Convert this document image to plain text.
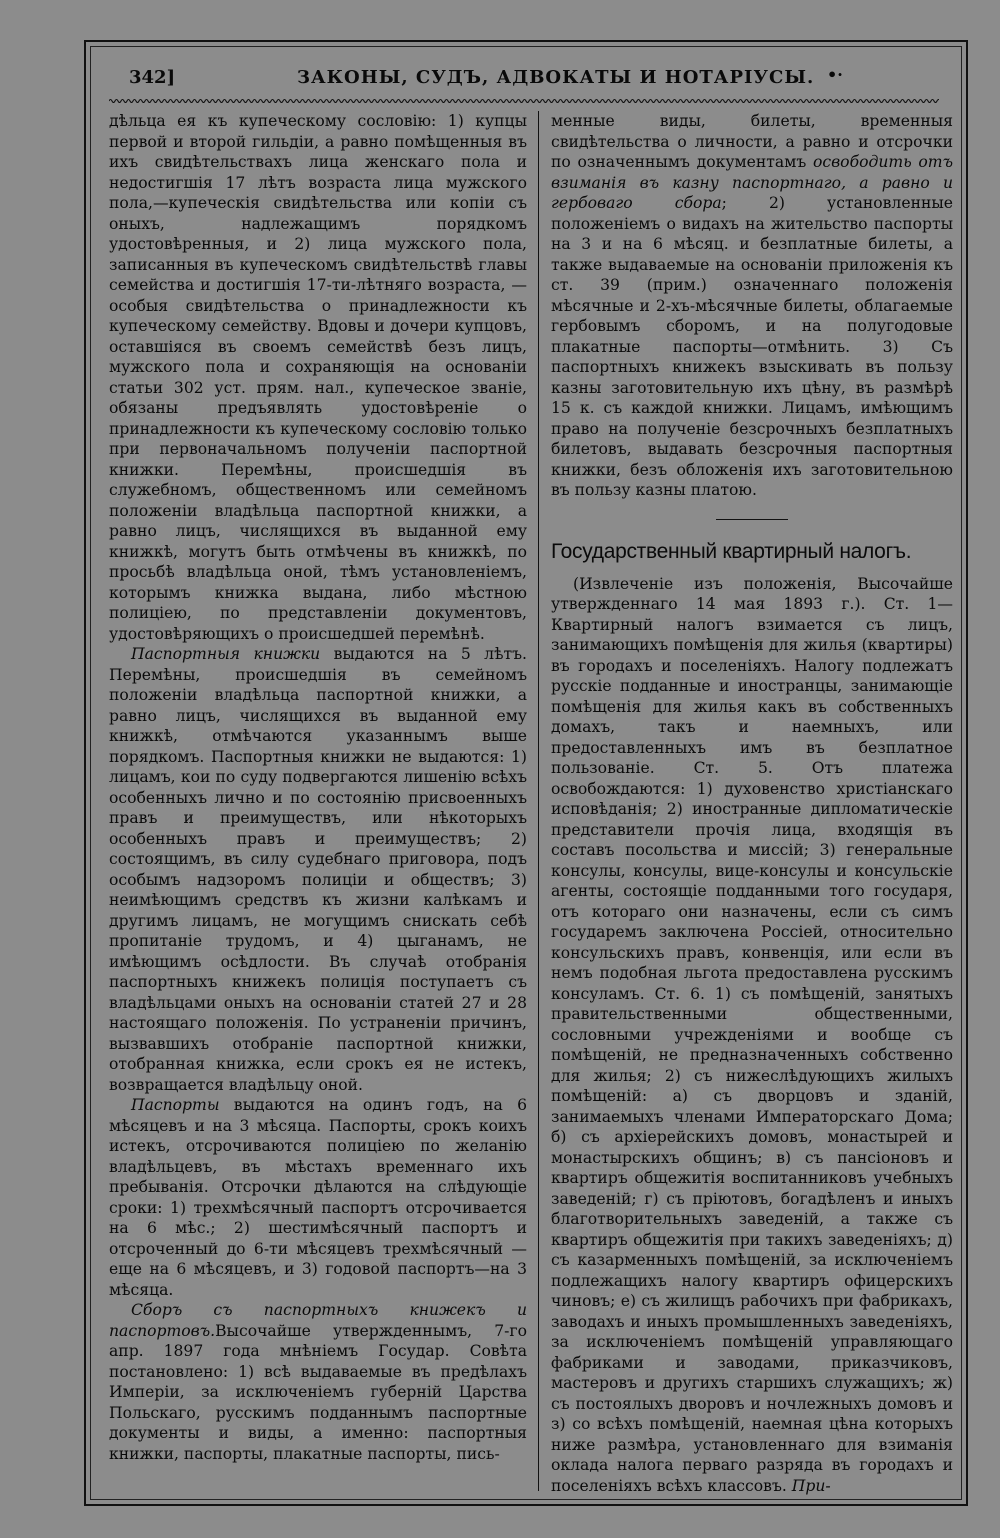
342]	ЗАКОНЫ, СУДЪ, АДВОКАТЫ И НОТАРІУСЫ. •·

дѣльца ея къ купеческому сословію: 1) купцы первой и второй гильдіи, а равно помѣщенныя въ ихъ свидѣтельствахъ лица женскаго пола и недостигшія 17 лѣтъ возраста лица мужского пола,—купеческія свидѣтельства или копіи съ оныхъ, надлежащимъ порядкомъ удостовѣренныя, и 2) лица мужского пола, записанныя въ купеческомъ свидѣтельствѣ главы семейства и достигшія 17-ти-лѣтняго возраста, — особыя свидѣтельства о принадлежности къ купеческому семейству. Вдовы и дочери купцовъ, оставшіяся въ своемъ семействѣ безъ лицъ, мужского пола и сохраняющія на основаніи статьи 302 уст. прям. нал., купеческое званіе, обязаны предъявлять удостовѣреніе о принадлежности къ купеческому сословію только при первоначальномъ полученіи паспортной книжки. Перемѣны, происшедшія въ служебномъ, общественномъ или семейномъ положеніи владѣльца паспортной книжки, а равно лицъ, числящихся въ выданной ему книжкѣ, могутъ быть отмѣчены въ книжкѣ, по просьбѣ владѣльца оной, тѣмъ установленіемъ, которымъ книжка выдана, либо мѣстною полиціею, по представленіи документовъ, удостовѣряющихъ о происшедшей перемѣнѣ.

Паспортныя книжки выдаются на 5 лѣтъ. Перемѣны, происшедшія въ семейномъ положеніи владѣльца паспортной книжки, а равно лицъ, числящихся въ выданной ему книжкѣ, отмѣчаются указаннымъ выше порядкомъ. Паспортныя книжки не выдаются: 1) лицамъ, кои по суду подвергаются лишенію всѣхъ особенныхъ лично и по состоянію присвоенныхъ правъ и преимуществъ, или нѣкоторыхъ особенныхъ правъ и преимуществъ; 2) состоящимъ, въ силу судебнаго приговора, подъ особымъ надзоромъ полиціи и обществъ; 3) неимѣющимъ средствъ къ жизни калѣкамъ и другимъ лицамъ, не могущимъ снискать себѣ пропитаніе трудомъ, и 4) цыганамъ, не имѣющимъ осѣдлости. Въ случаѣ отобранія паспортныхъ книжекъ полиція поступаетъ съ владѣльцами оныхъ на основаніи статей 27 и 28 настоящаго положенія. По устраненіи причинъ, вызвавшихъ отобраніе паспортной книжки, отобранная книжка, если срокъ ея не истекъ, возвращается владѣльцу оной.

Паспорты выдаются на одинъ годъ, на 6 мѣсяцевъ и на 3 мѣсяца. Паспорты, срокъ коихъ истекъ, отсрочиваются полиціею по желанію владѣльцевъ, въ мѣстахъ временнаго ихъ пребыванія. Отсрочки дѣлаются на слѣдующіе сроки: 1) трехмѣсячный паспортъ отсрочивается на 6 мѣс.; 2) шестимѣсячный паспортъ и отсроченный до 6-ти мѣсяцевъ трехмѣсячный — еще на 6 мѣсяцевъ, и 3) годовой паспортъ—на 3 мѣсяца.

Сборъ съ паспортныхъ книжекъ и паспортовъ.Высочайше утвержденнымъ, 7-го апр. 1897 года мнѣніемъ Государ. Совѣта постановлено: 1) всѣ выдаваемые въ предѣлахъ Имперіи, за исключеніемъ губерній Царства Польскаго, русскимъ подданнымъ паспортные документы и виды, а именно: паспортныя книжки, паспорты, плакатные паспорты, пись-

менные виды, билеты, временныя свидѣтельства о личности, а равно и отсрочки по означеннымъ документамъ освободить отъ взиманія въ казну паспортнаго, а равно и гербоваго сбора; 2) установленные положеніемъ о видахъ на жительство паспорты на 3 и на 6 мѣсяц. и безплатные билеты, а также выдаваемые на основаніи приложенія къ ст. 39 (прим.) означеннаго положенія мѣсячные и 2-хъ-мѣсячные билеты, облагаемые гербовымъ сборомъ, и на полугодовые плакатные паспорты—отмѣнить. 3) Съ паспортныхъ книжекъ взыскивать въ пользу казны заготовительную ихъ цѣну, въ размѣрѣ 15 к. съ каждой книжки. Лицамъ, имѣющимъ право на полученіе безсрочныхъ безплатныхъ билетовъ, выдавать безсрочныя паспортныя книжки, безъ обложенія ихъ заготовительною въ пользу казны платою.

Государственный квартирный налогъ.

(Извлеченіе изъ положенія, Высочайше утвержденнаго 14 мая 1893 г.). Ст. 1—Квартирный налогъ взимается съ лицъ, занимающихъ помѣщенія для жилья (квартиры) въ городахъ и поселеніяхъ. Налогу подлежатъ русскіе подданные и иностранцы, занимающіе помѣщенія для жилья какъ въ собственныхъ домахъ, такъ и наемныхъ, или предоставленныхъ имъ въ безплатное пользованіе. Ст. 5. Отъ платежа освобождаются: 1) духовенство христіанскаго исповѣданія; 2) иностранные дипломатическіе представители прочія лица, входящія въ составъ посольства и миссій; 3) генеральные консулы, консулы, вице-консулы и консульскіе агенты, состоящіе подданными того государя, отъ котораго они назначены, если съ симъ государемъ заключена Россіей, относительно консульскихъ правъ, конвенція, или если въ немъ подобная льгота предоставлена русскимъ консуламъ. Ст. 6. 1) съ помѣщеній, занятыхъ правительственными общественными, сословными учрежденіями и вообще съ помѣщеній, не предназначенныхъ собственно для жилья; 2) съ нижеслѣдующихъ жилыхъ помѣщеній: а) съ дворцовъ и зданій, занимаемыхъ членами Императорскаго Дома; б) съ архіерейскихъ домовъ, монастырей и монастырскихъ общинъ; в) съ пансіоновъ и квартиръ общежитія воспитанниковъ учебныхъ заведеній; г) съ пріютовъ, богадѣленъ и иныхъ благотворительныхъ заведеній, а также съ квартиръ общежитія при такихъ заведеніяхъ; д) съ казарменныхъ помѣщеній, за исключеніемъ подлежащихъ налогу квартиръ офицерскихъ чиновъ; е) съ жилищъ рабочихъ при фабрикахъ, заводахъ и иныхъ промышленныхъ заведеніяхъ, за исключеніемъ помѣщеній управляющаго фабриками и заводами, приказчиковъ, мастеровъ и другихъ старшихъ служащихъ; ж) съ постоялыхъ дворовъ и ночлежныхъ домовъ и з) со всѣхъ помѣщеній, наемная цѣна которыхъ ниже размѣра, установленнаго для взиманія оклада налога перваго разряда въ городахъ и поселеніяхъ всѣхъ классовъ. При-
